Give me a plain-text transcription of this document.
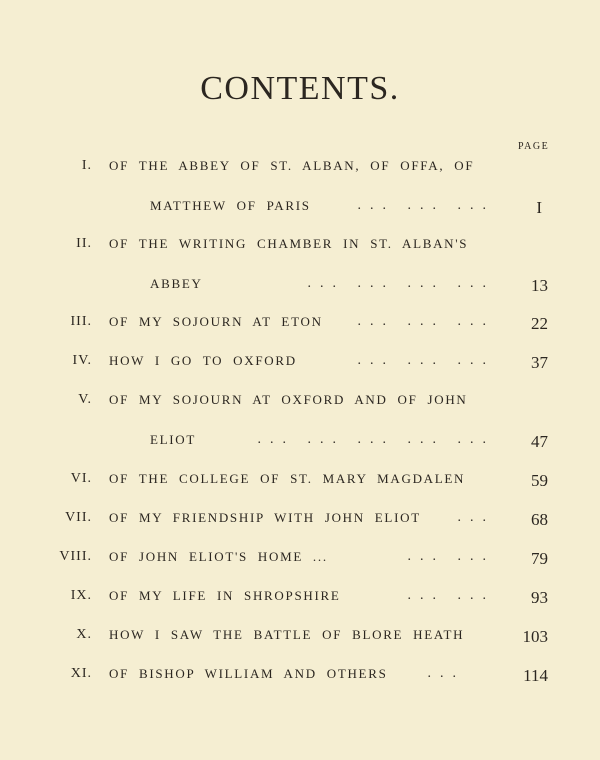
CONTENTS.
PAGE
I. OF THE ABBEY OF ST. ALBAN, OF OFFA, OF
MATTHEW OF PARIS	... ... ... I
II. OF THE WRITING CHAMBER IN ST. ALBAN'S
ABBEY	... ... ... ... 13
III. OF MY SOJOURN AT ETON ... ... ... 22
IV. HOW I GO TO OXFORD	... ... ... 37
V. OF MY SOJOURN AT OXFORD AND OF JOHN
ELIOT	... ... ... ... ... 47
VI. OF THE COLLEGE OF ST. MARY MAGDALEN	59
VII. OF MY FRIENDSHIP WITH JOHN ELIOT	... 68
VIII. OF JOHN ELIOT'S HOME ...	... ... 79
IX. OF MY LIFE IN SHROPSHIRE	... ... 93
X. HOW I SAW THE BATTLE OF BLORE HEATH	103
XI. OF BISHOP WILLIAM AND OTHERS	...	114
